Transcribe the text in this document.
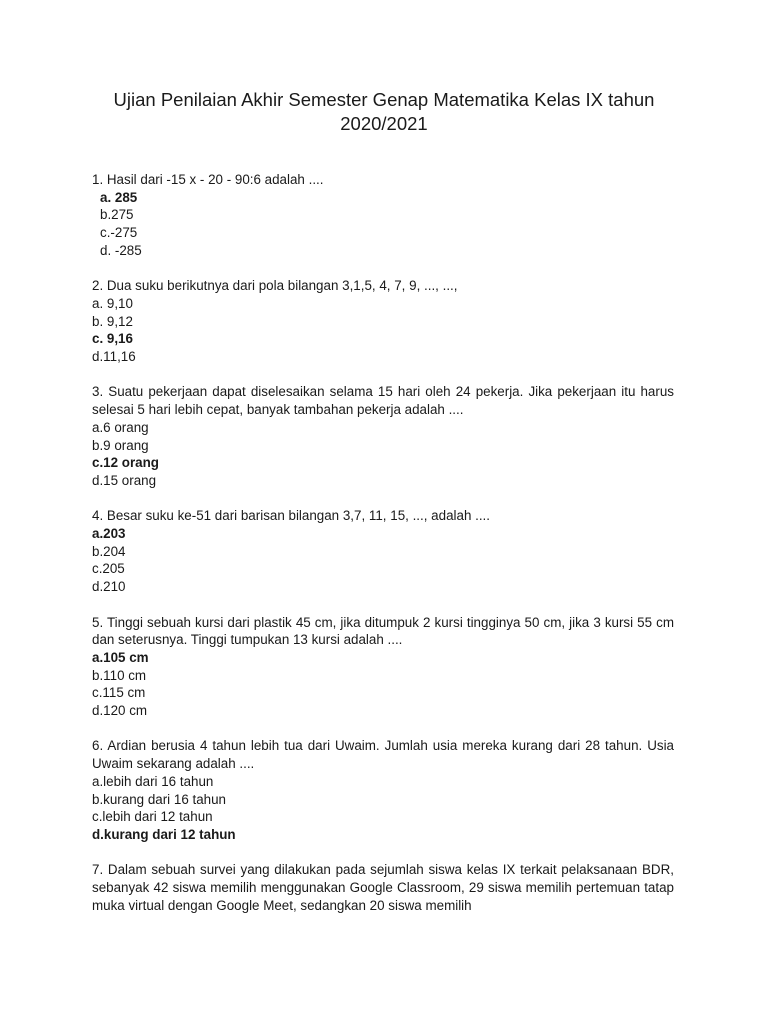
Ujian Penilaian Akhir Semester Genap Matematika Kelas IX tahun
2020/2021
1. Hasil dari -15 x - 20 - 90:6 adalah ....
a. 285
b.275
c.-275
d. -285
2. Dua suku berikutnya dari pola bilangan 3,1,5, 4, 7, 9, ..., ...,
a. 9,10
b. 9,12
c. 9,16
d.11,16
3. Suatu pekerjaan dapat diselesaikan selama 15 hari oleh 24 pekerja. Jika pekerjaan itu harus selesai 5 hari lebih cepat, banyak tambahan pekerja adalah ....
a.6 orang
b.9 orang
c.12 orang
d.15 orang
4. Besar suku ke-51 dari barisan bilangan 3,7, 11, 15, ..., adalah ....
a.203
b.204
c.205
d.210
5. Tinggi sebuah kursi dari plastik 45 cm, jika ditumpuk 2 kursi tingginya 50 cm, jika 3 kursi 55 cm dan seterusnya. Tinggi tumpukan 13 kursi adalah ....
a.105 cm
b.110 cm
c.115 cm
d.120 cm
6. Ardian berusia 4 tahun lebih tua dari Uwaim. Jumlah usia mereka kurang dari 28 tahun. Usia Uwaim sekarang adalah ....
a.lebih dari 16 tahun
b.kurang dari 16 tahun
c.lebih dari 12 tahun
d.kurang dari 12 tahun
7. Dalam sebuah survei yang dilakukan pada sejumlah siswa kelas IX terkait pelaksanaan BDR, sebanyak 42 siswa memilih menggunakan Google Classroom, 29 siswa memilih pertemuan tatap muka virtual dengan Google Meet, sedangkan 20 siswa memilih
